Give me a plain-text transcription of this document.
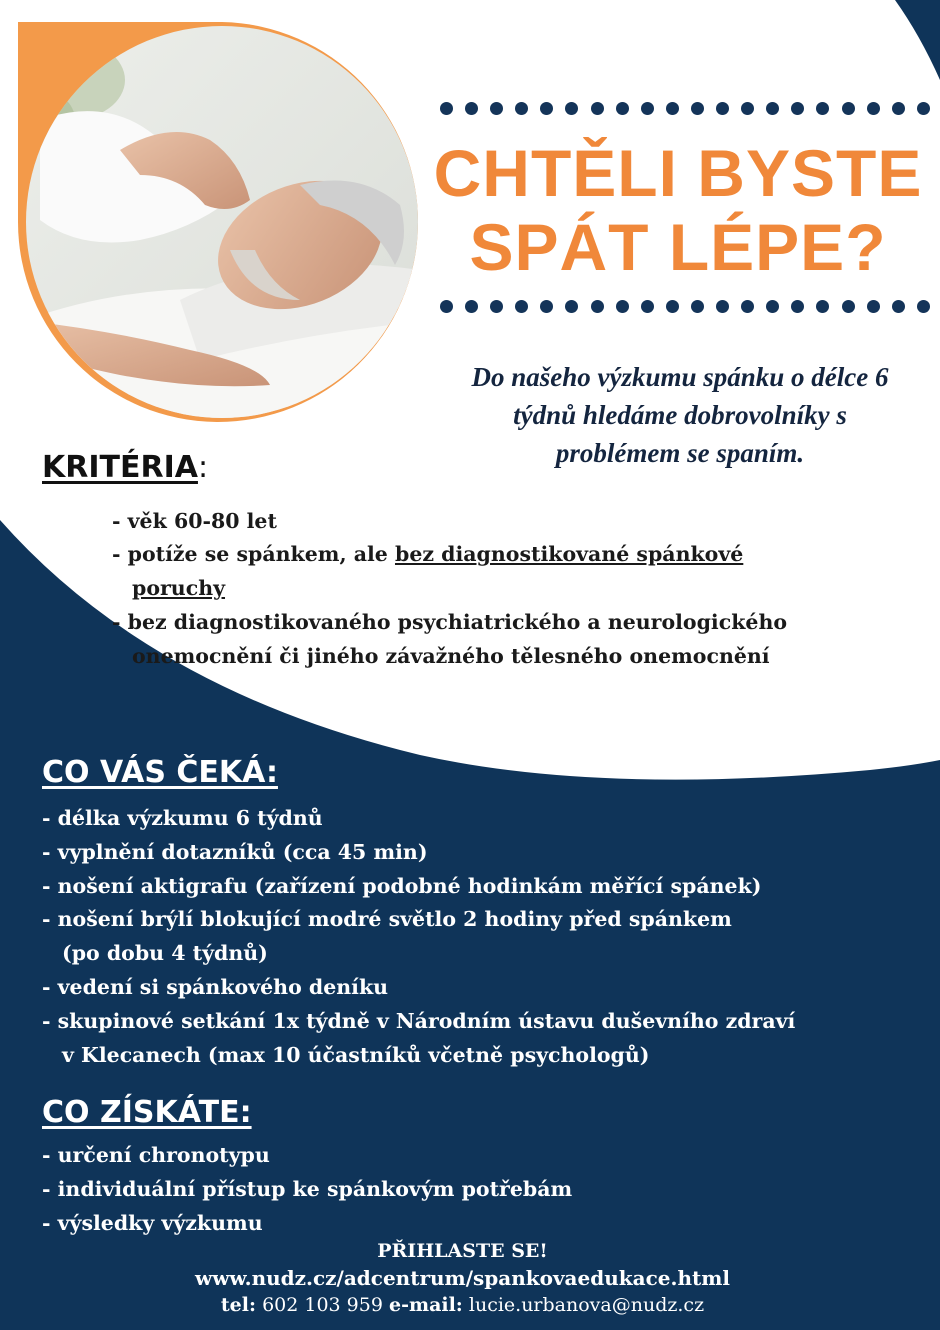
CHTĚLI BYSTE
SPÁT LÉPE?
Do našeho výzkumu spánku o délce 6
týdnů hledáme dobrovolníky s
problémem se spaním.
KRITÉRIA:
- věk 60-80 let
- potíže se spánkem, ale bez diagnostikované spánkové
poruchy
- bez diagnostikovaného psychiatrického a neurologického
onemocnění či jiného závažného tělesného onemocnění
CO VÁS ČEKÁ:
- délka výzkumu 6 týdnů
- vyplnění dotazníků (cca 45 min)
- nošení aktigrafu (zařízení podobné hodinkám měřící spánek)
- nošení brýlí blokující modré světlo 2 hodiny před spánkem
(po dobu 4 týdnů)
- vedení si spánkového deníku
- skupinové setkání 1x týdně v Národním ústavu duševního zdraví
v Klecanech (max 10 účastníků včetně psychologů)
CO ZÍSKÁTE:
- určení chronotypu
- individuální přístup ke spánkovým potřebám
- výsledky výzkumu
PŘIHLASTE SE!
www.nudz.cz/adcentrum/spankovaedukace.html
tel: 602 103 959 e-mail: lucie.urbanova@nudz.cz
